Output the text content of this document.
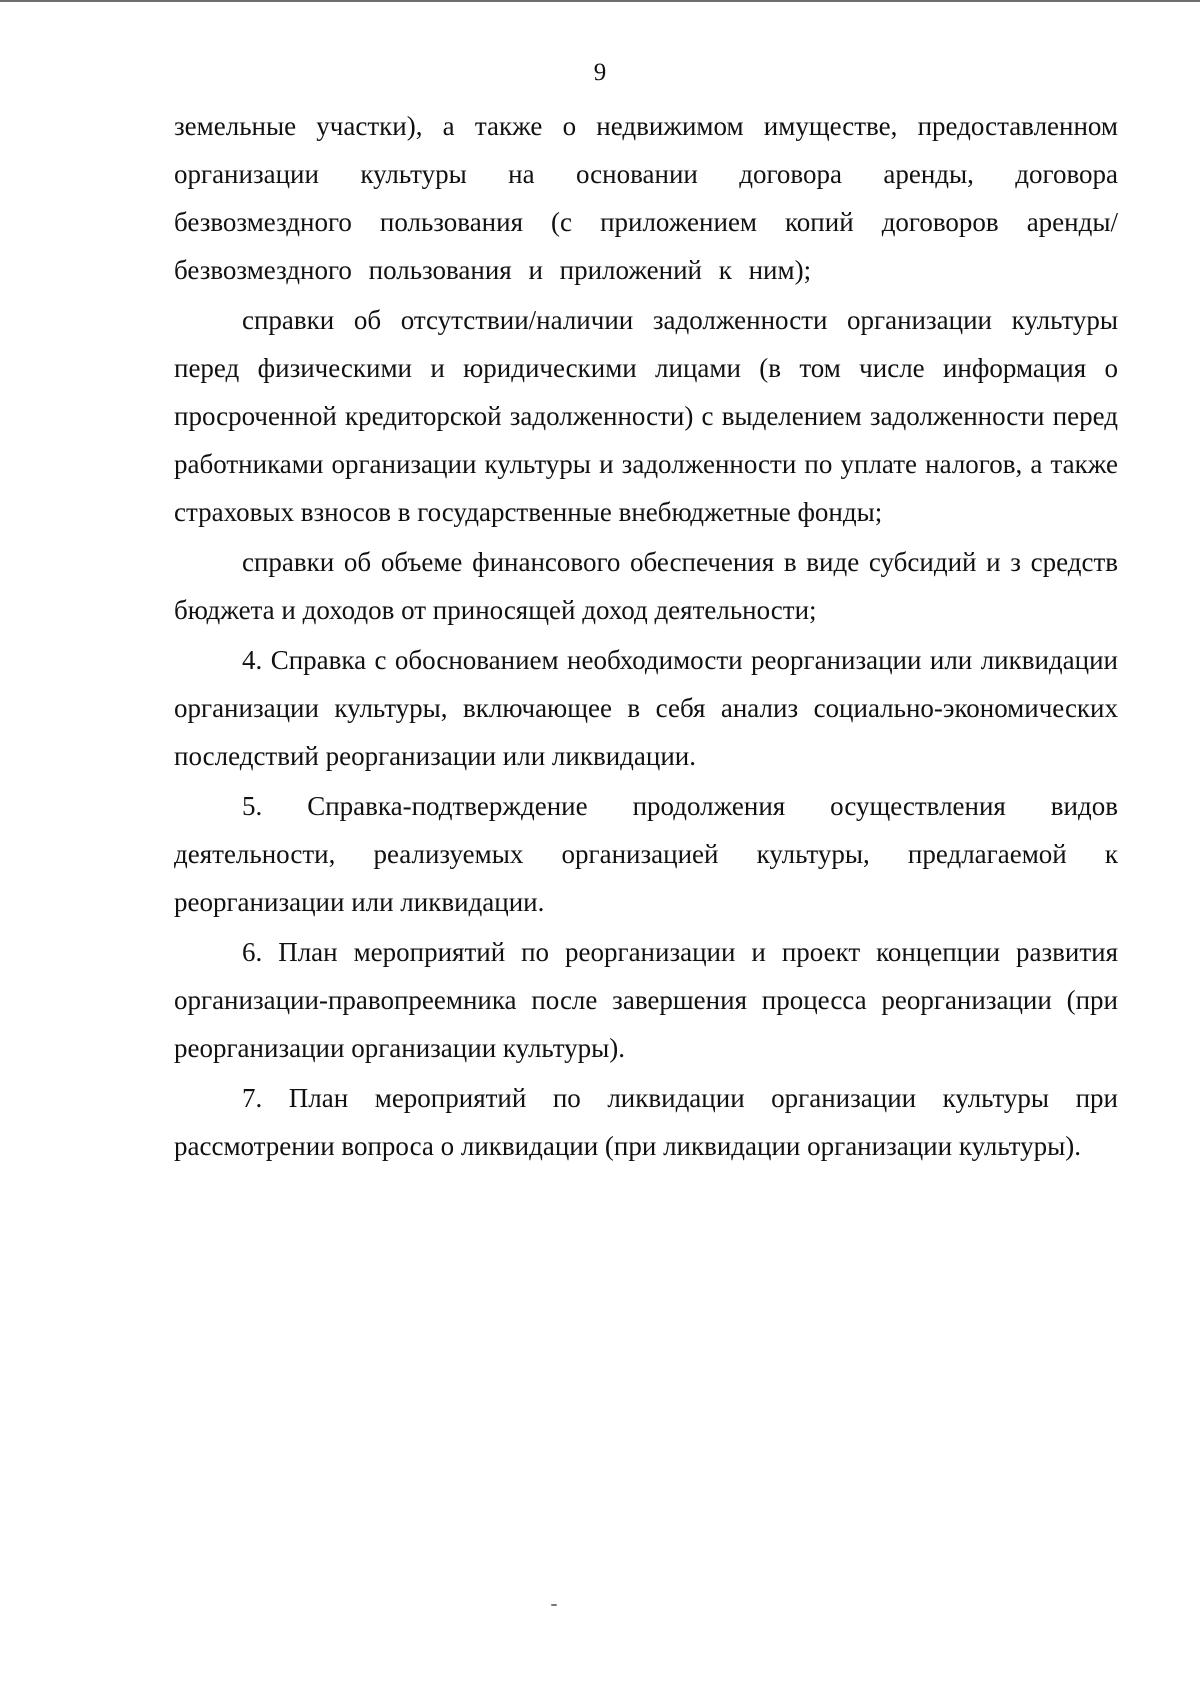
9

земельные участки), а также о недвижимом имуществе, предоставленном организации культуры на основании договора аренды, договора безвозмездного пользования (с приложением копий договоров аренды/безвозмездного пользования и приложений к ним);

справки об отсутствии/наличии задолженности организации культуры перед физическими и юридическими лицами (в том числе информация о просроченной кредиторской задолженности) с выделением задолженности перед работниками организации культуры и задолженности по уплате налогов, а также страховых взносов в государственные внебюджетные фонды;

справки об объеме финансового обеспечения в виде субсидий и з средств бюджета и доходов от приносящей доход деятельности;

4. Справка с обоснованием необходимости реорганизации или ликвидации организации культуры, включающее в себя анализ социально-экономических последствий реорганизации или ликвидации.

5. Справка-подтверждение продолжения осуществления видов деятельности, реализуемых организацией культуры, предлагаемой к реорганизации или ликвидации.

6. План мероприятий по реорганизации и проект концепции развития организации-правопреемника после завершения процесса реорганизации (при реорганизации организации культуры).

7. План мероприятий по ликвидации организации культуры при рассмотрении вопроса о ликвидации (при ликвидации организации культуры).
